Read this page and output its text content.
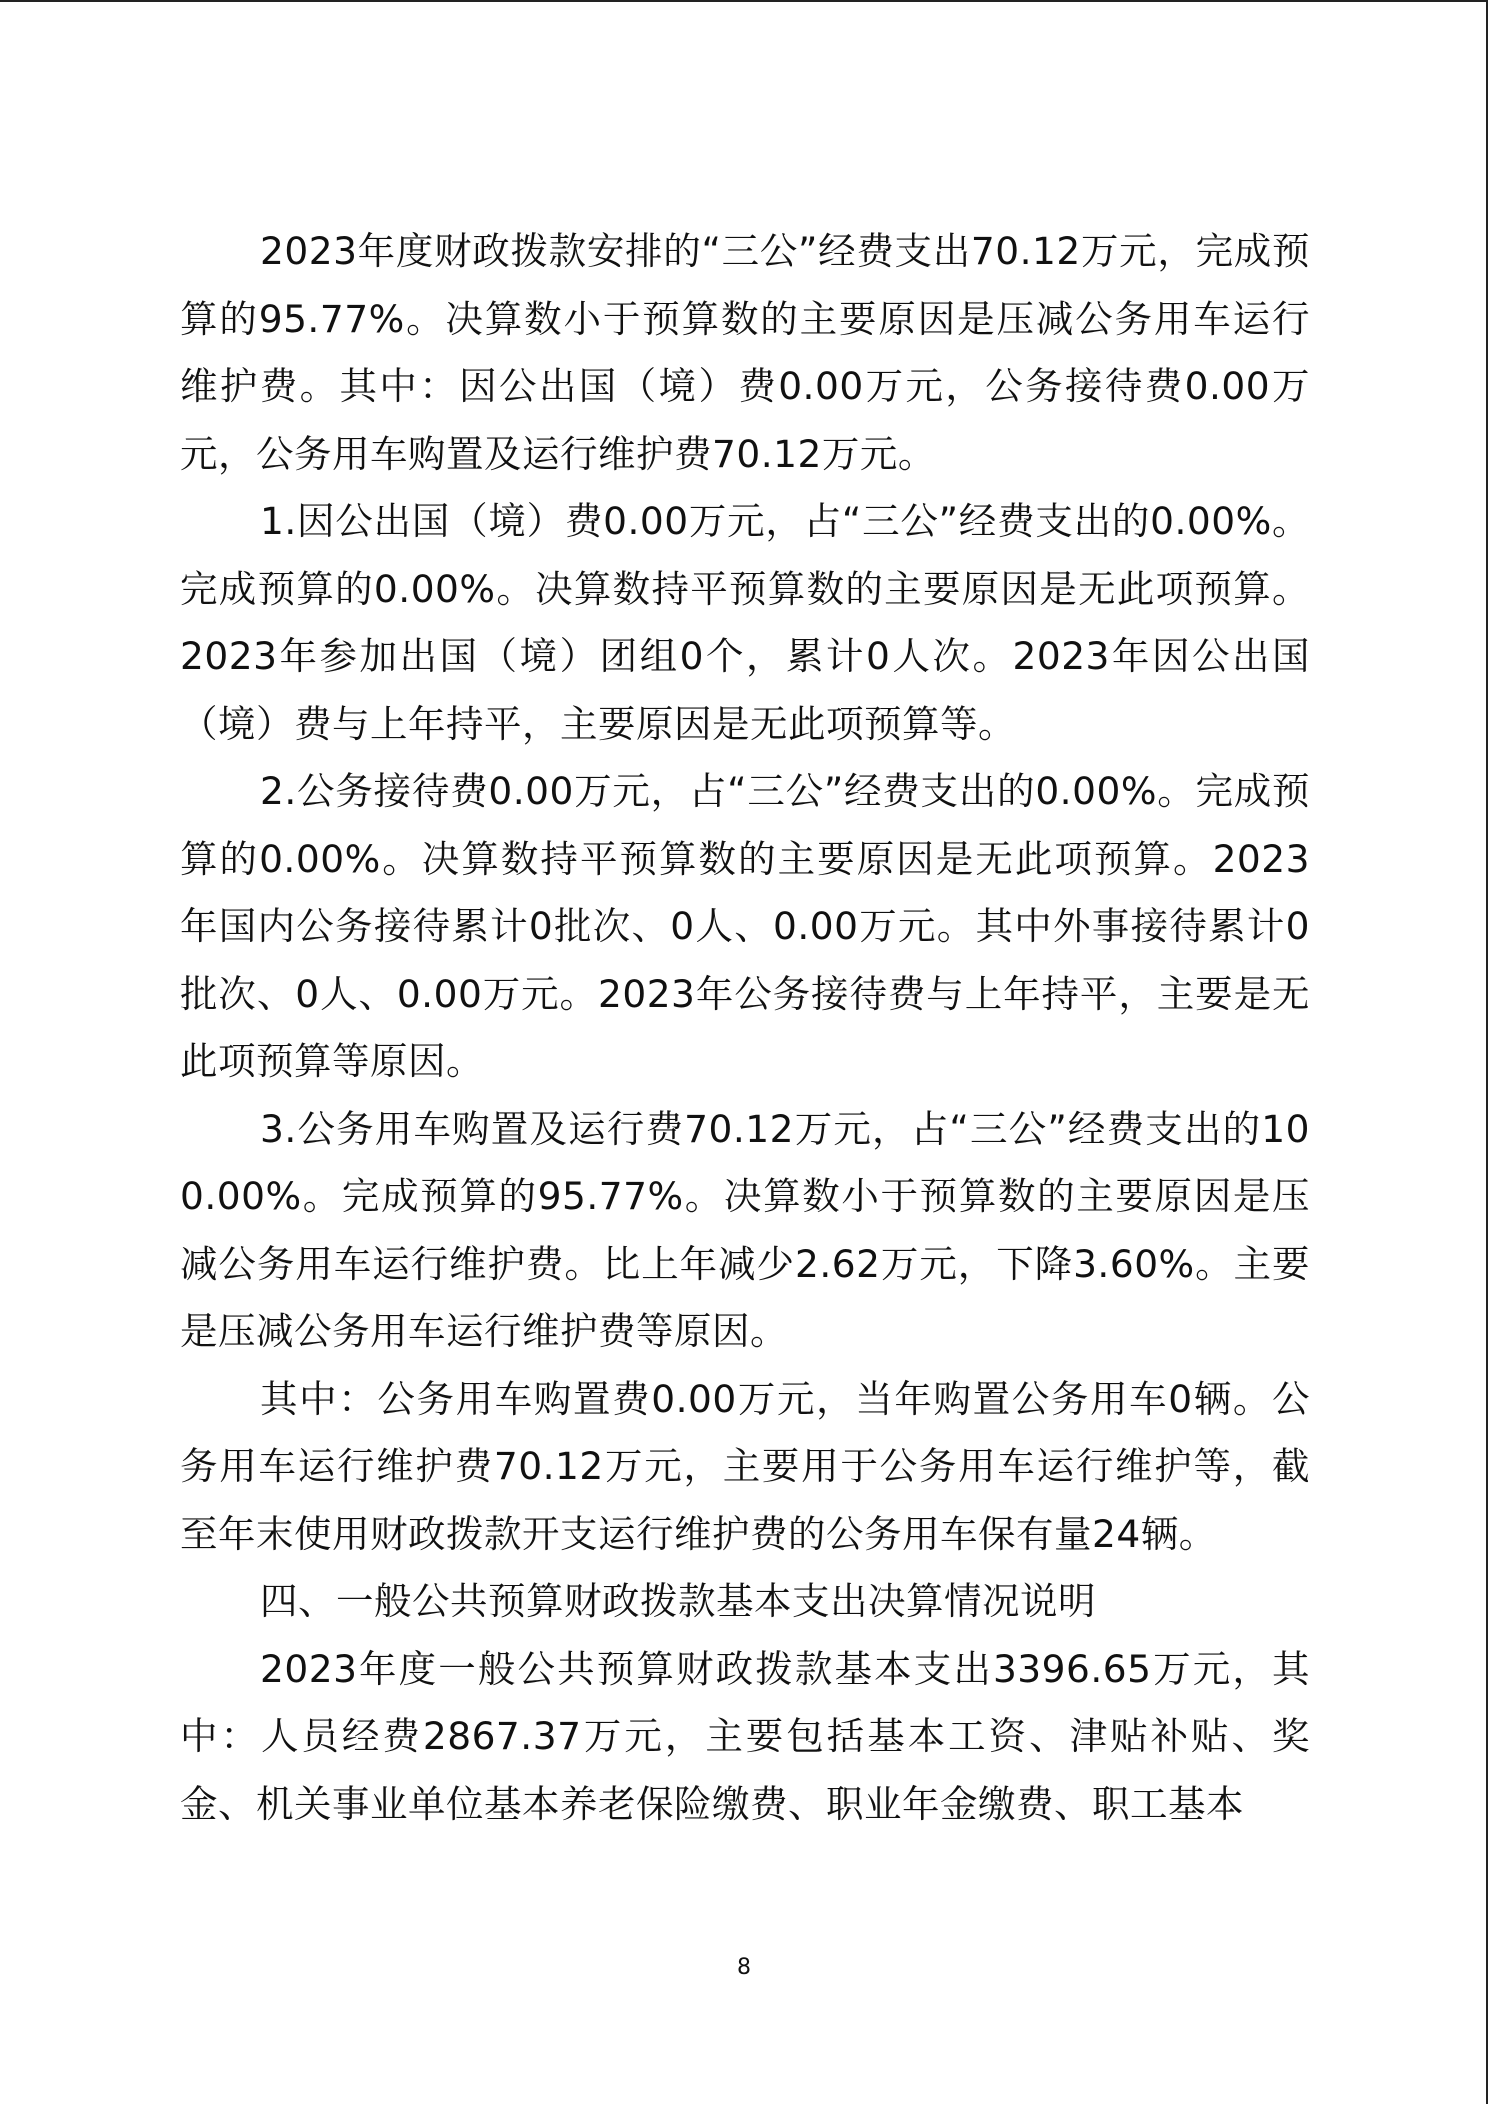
2023年度财政拨款安排的“三公”经费支出70.12万元，完成预算的95.77%。决算数小于预算数的主要原因是压减公务用车运行维护费。其中：因公出国（境）费0.00万元，公务接待费0.00万元，公务用车购置及运行维护费70.12万元。

1.因公出国（境）费0.00万元，占“三公”经费支出的0.00%。完成预算的0.00%。决算数持平预算数的主要原因是无此项预算。2023年参加出国（境）团组0个，累计0人次。2023年因公出国（境）费与上年持平，主要原因是无此项预算等。

2.公务接待费0.00万元，占“三公”经费支出的0.00%。完成预算的0.00%。决算数持平预算数的主要原因是无此项预算。2023年国内公务接待累计0批次、0人、0.00万元。其中外事接待累计0批次、0人、0.00万元。2023年公务接待费与上年持平，主要是无此项预算等原因。

3.公务用车购置及运行费70.12万元，占“三公”经费支出的100.00%。完成预算的95.77%。决算数小于预算数的主要原因是压减公务用车运行维护费。比上年减少2.62万元，下降3.60%。主要是压减公务用车运行维护费等原因。

其中：公务用车购置费0.00万元，当年购置公务用车0辆。公务用车运行维护费70.12万元，主要用于公务用车运行维护等，截至年末使用财政拨款开支运行维护费的公务用车保有量24辆。

四、一般公共预算财政拨款基本支出决算情况说明

2023年度一般公共预算财政拨款基本支出3396.65万元，其中：人员经费2867.37万元，主要包括基本工资、津贴补贴、奖金、机关事业单位基本养老保险缴费、职业年金缴费、职工基本

8
